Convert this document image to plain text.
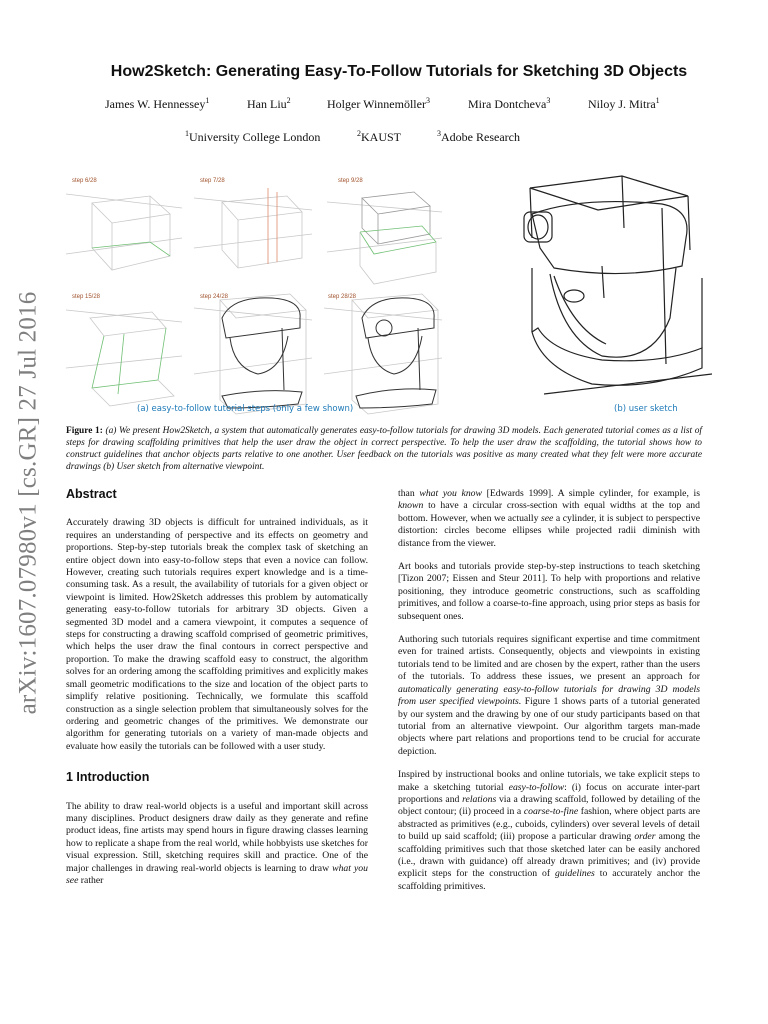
arXiv:1607.07980v1 [cs.GR] 27 Jul 2016
How2Sketch: Generating Easy-To-Follow Tutorials for Sketching 3D Objects
James W. Hennessey$^1$	Han Liu$^2$	Holger Winnemöller$^3$	Mira Dontcheva$^3$	Niloy J. Mitra$^1$
$^1$University College London	$^2$KAUST	$^3$Adobe Research
step 6/28	step 7/28	step 9/28
step 15/28	step 24/28	step 28/28
(a) easy-to-follow tutorial steps (only a few shown)	(b) user sketch
Figure 1: (a) We present How2Sketch, a system that automatically generates easy-to-follow tutorials for drawing 3D models. Each generated tutorial comes as a list of steps for drawing scaffolding primitives that help the user draw the object in correct perspective. To help the user draw the scaffolding, the tutorial shows how to construct guidelines that anchor objects parts relative to one another. User feedback on the tutorials was positive as many created what they felt were more accurate drawings (b) User sketch from alternative viewpoint.
Abstract

Accurately drawing 3D objects is difficult for untrained individuals, as it requires an understanding of perspective and its effects on geometry and proportions. Step-by-step tutorials break the complex task of sketching an entire object down into easy-to-follow steps that even a novice can follow. However, creating such tutorials requires expert knowledge and is a time-consuming task. As a result, the availability of tutorials for a given object or viewpoint is limited. How2Sketch addresses this problem by automatically generating easy-to-follow tutorials for arbitrary 3D objects. Given a segmented 3D model and a camera viewpoint, it computes a sequence of steps for constructing a drawing scaffold comprised of geometric primitives, which helps the user draw the final contours in correct perspective and proportion. To make the drawing scaffold easy to construct, the algorithm solves for an ordering among the scaffolding primitives and explicitly makes small geometric modifications to the size and location of the object parts to simplify relative positioning. Technically, we formulate this scaffold construction as a single selection problem that simultaneously solves for the ordering and geometric changes of the primitives. We demonstrate our algorithm for generating tutorials on a variety of man-made objects and evaluate how easily the tutorials can be followed with a user study.

1 Introduction

The ability to draw real-world objects is a useful and important skill across many disciplines. Product designers draw daily as they generate and refine product ideas, fine artists may spend hours in figure drawing classes learning how to replicate a shape from the real world, while hobbyists use sketches for visual expression. Still, sketching requires skill and practice. One of the major challenges in drawing real-world objects is learning to draw what you see rather

than what you know [Edwards 1999]. A simple cylinder, for example, is known to have a circular cross-section with equal widths at the top and bottom. However, when we actually see a cylinder, it is subject to perspective distortion: circles become ellipses while projected radii diminish with distance from the viewer.

Art books and tutorials provide step-by-step instructions to teach sketching [Tizon 2007; Eissen and Steur 2011]. To help with proportions and relative positioning, they introduce geometric constructions, such as scaffolding primitives, and follow a coarse-to-fine approach, using prior steps as basis for subsequent ones.

Authoring such tutorials requires significant expertise and time commitment even for trained artists. Consequently, objects and viewpoints in existing tutorials tend to be limited and are chosen by the expert, rather than the users of the tutorials. To address these issues, we present an approach for automatically generating easy-to-follow tutorials for drawing 3D models from user specified viewpoints. Figure 1 shows parts of a tutorial generated by our system and the drawing by one of our study participants based on that tutorial from an alternative viewpoint. Our algorithm targets man-made objects where part relations and proportions tend to be crucial for accurate depiction.

Inspired by instructional books and online tutorials, we take explicit steps to make a sketching tutorial easy-to-follow: (i) focus on accurate inter-part proportions and relations via a drawing scaffold, followed by detailing of the object contour; (ii) proceed in a coarse-to-fine fashion, where object parts are abstracted as primitives (e.g., cuboids, cylinders) over several levels of detail to build up said scaffold; (iii) propose a particular drawing order among the scaffolding primitives such that those sketched later can be easily anchored (i.e., drawn with guidance) off already drawn primitives; and (iv) provide explicit steps for the construction of guidelines to accurately anchor the scaffolding primitives.
